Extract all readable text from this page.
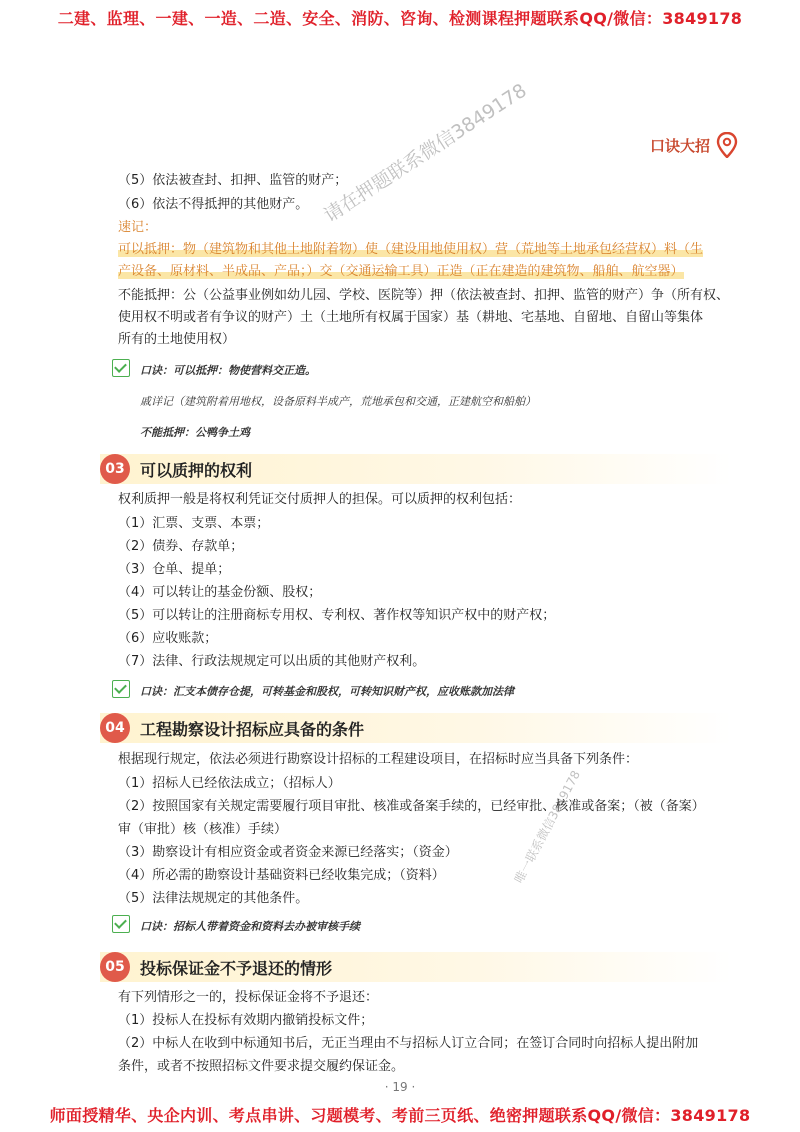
二建、监理、一建、一造、二造、安全、消防、咨询、检测课程押题联系QQ/微信：3849178
口诀大招
请在押题联系微信3849178
（5）依法被查封、扣押、监管的财产；
（6）依法不得抵押的其他财产。
速记：
可以抵押：物（建筑物和其他土地附着物）使（建设用地使用权）营（荒地等土地承包经营权）料（生
产设备、原材料、半成品、产品；）交（交通运输工具）正造（正在建造的建筑物、船舶、航空器）
不能抵押：公（公益事业例如幼儿园、学校、医院等）押（依法被查封、扣押、监管的财产）争（所有权、
使用权不明或者有争议的财产）土（土地所有权属于国家）基（耕地、宅基地、自留地、自留山等集体
所有的土地使用权）
口诀：可以抵押：物使营料交正造。
戚详记（建筑附着用地权，设备原料半成产，荒地承包和交通，正建航空和船舶）
不能抵押：公鸭争土鸡
03 可以质押的权利
权利质押一般是将权利凭证交付质押人的担保。可以质押的权利包括：
（1）汇票、支票、本票；
（2）债券、存款单；
（3）仓单、提单；
（4）可以转让的基金份额、股权；
（5）可以转让的注册商标专用权、专利权、著作权等知识产权中的财产权；
（6）应收账款；
（7）法律、行政法规规定可以出质的其他财产权利。
口诀：汇支本债存仓提，可转基金和股权，可转知识财产权，应收账款加法律
04 工程勘察设计招标应具备的条件
根据现行规定，依法必须进行勘察设计招标的工程建设项目，在招标时应当具备下列条件：
（1）招标人已经依法成立；（招标人）
（2）按照国家有关规定需要履行项目审批、核准或备案手续的，已经审批、核准或备案；（被（备案）
审（审批）核（核准）手续）
（3）勘察设计有相应资金或者资金来源已经落实；（资金）
（4）所必需的勘察设计基础资料已经收集完成；（资料）
（5）法律法规规定的其他条件。
口诀：招标人带着资金和资料去办被审核手续
唯一联系微信3849178
05 投标保证金不予退还的情形
有下列情形之一的，投标保证金将不予退还：
（1）投标人在投标有效期内撤销投标文件；
（2）中标人在收到中标通知书后，无正当理由不与招标人订立合同；在签订合同时向招标人提出附加
条件，或者不按照招标文件要求提交履约保证金。
· 19 ·
师面授精华、央企内训、考点串讲、习题模考、考前三页纸、绝密押题联系QQ/微信：3849178
